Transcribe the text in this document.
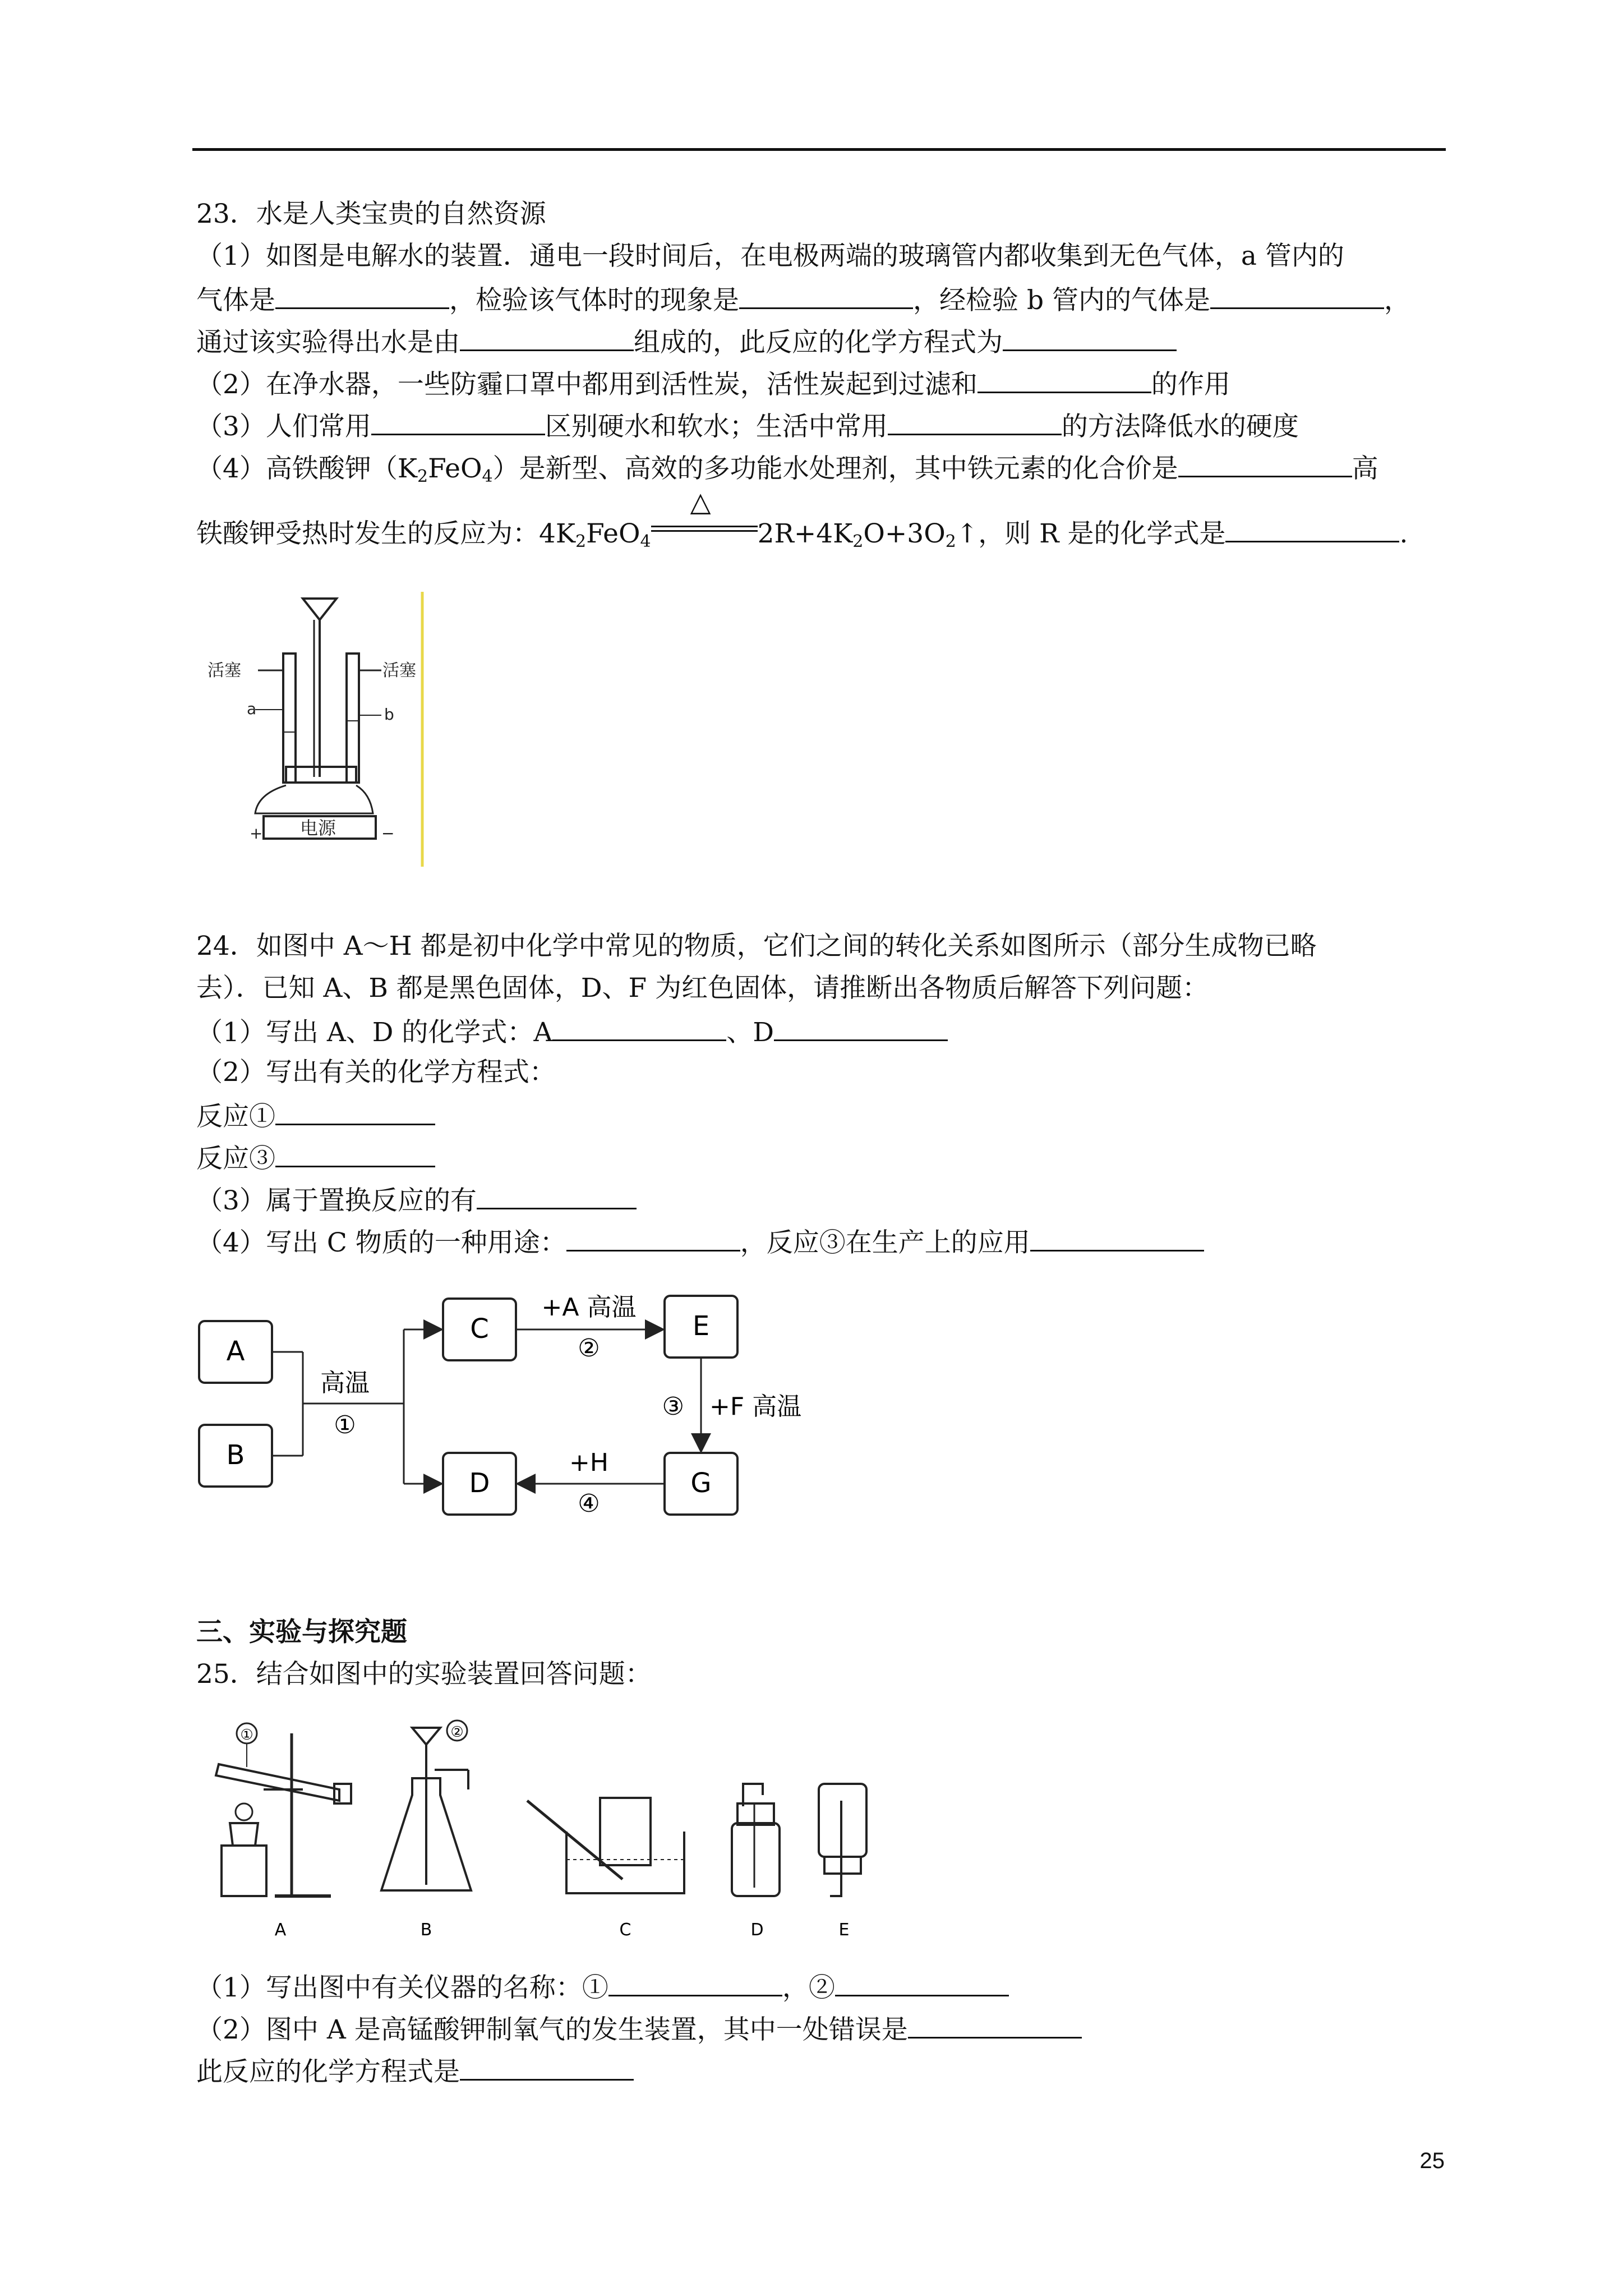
23．水是人类宝贵的自然资源
（1）如图是电解水的装置．通电一段时间后，在电极两端的玻璃管内都收集到无色气体，a 管内的
气体是	，检验该气体时的现象是	，经检验 b 管内的气体是	，
通过该实验得出水是由	组成的，此反应的化学方程式为
（2）在净水器，一些防霾口罩中都用到活性炭，活性炭起到过滤和	的作用
（3）人们常用	区别硬水和软水；生活中常用	的方法降低水的硬度
（4）高铁酸钾$(K_2FeO_4)$是新型、高效的多功能水处理剂，其中铁元素的化合价是	高
铁酸钾受热时发生的反应为：$4K_2FeO_4$
△
$2R+4K_2O+3O_2↑$，则 R 是的化学式是	.
活塞	活塞
a	b
电源
+	−
24．如图中 A～H 都是初中化学中常见的物质，它们之间的转化关系如图所示（部分生成物已略
去）．已知 A、B 都是黑色固体，D、F 为红色固体，请推断出各物质后解答下列问题：
（1）写出 A、D 的化学式：A	、D
（2）写出有关的化学方程式：
反应①
反应③
（3）属于置换反应的有
（4）写出 C 物质的一种用途：	，反应③在生产上的应用
A
B
C
D
E
G
高温
①
+A 高温
②
③ +F 高温
+H
④
三、实验与探究题
25．结合如图中的实验装置回答问题：
①
A
②
B	C	D	E
（1）写出图中有关仪器的名称：①	，②
（2）图中 A 是高锰酸钾制氧气的发生装置，其中一处错误是
此反应的化学方程式是
25
